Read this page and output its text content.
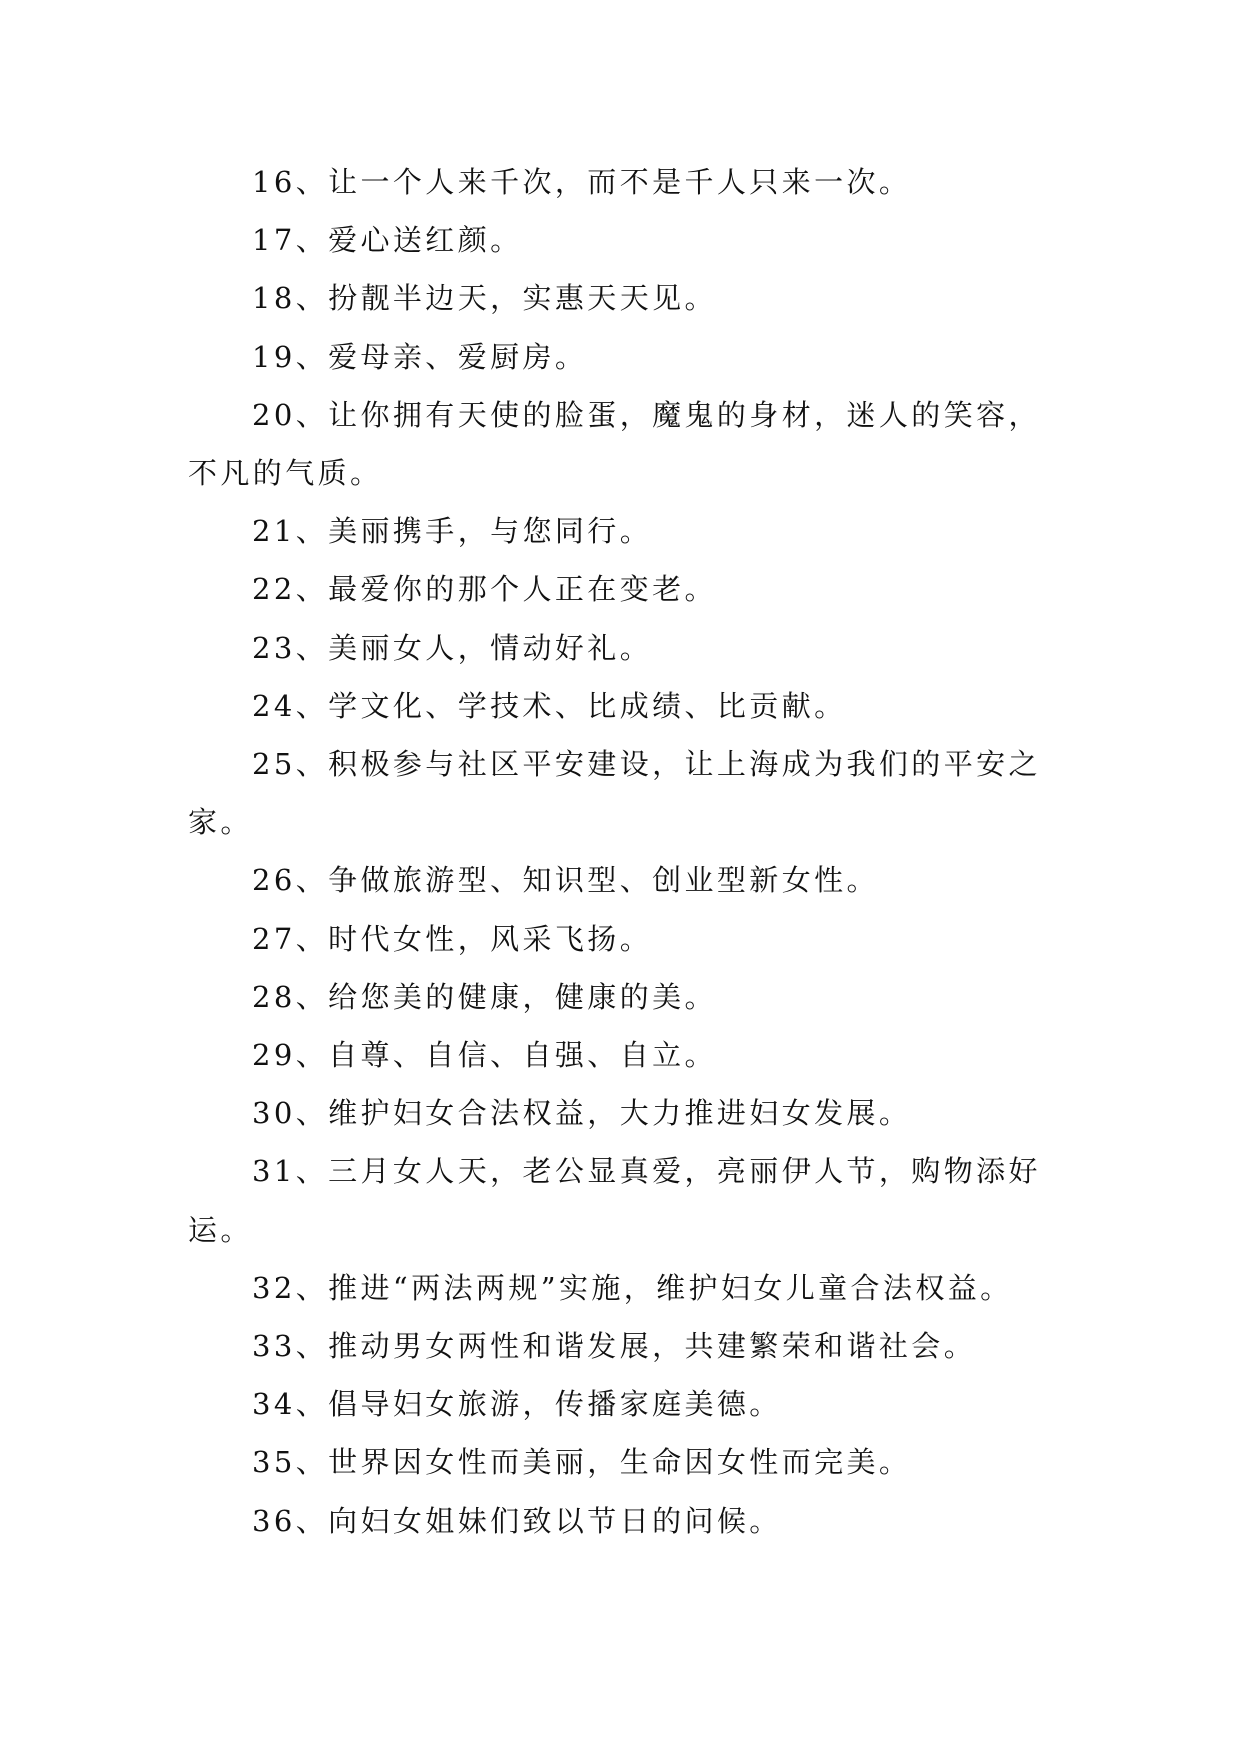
16、让一个人来千次，而不是千人只来一次。

17、爱心送红颜。

18、扮靓半边天，实惠天天见。

19、爱母亲、爱厨房。

20、让你拥有天使的脸蛋，魔鬼的身材，迷人的笑容，不凡的气质。

21、美丽携手，与您同行。

22、最爱你的那个人正在变老。

23、美丽女人，情动好礼。

24、学文化、学技术、比成绩、比贡献。

25、积极参与社区平安建设，让上海成为我们的平安之家。

26、争做旅游型、知识型、创业型新女性。

27、时代女性，风采飞扬。

28、给您美的健康，健康的美。

29、自尊、自信、自强、自立。

30、维护妇女合法权益，大力推进妇女发展。

31、三月女人天，老公显真爱，亮丽伊人节，购物添好运。

32、推进“两法两规”实施，维护妇女儿童合法权益。

33、推动男女两性和谐发展，共建繁荣和谐社会。

34、倡导妇女旅游，传播家庭美德。

35、世界因女性而美丽，生命因女性而完美。

36、向妇女姐妹们致以节日的问候。
